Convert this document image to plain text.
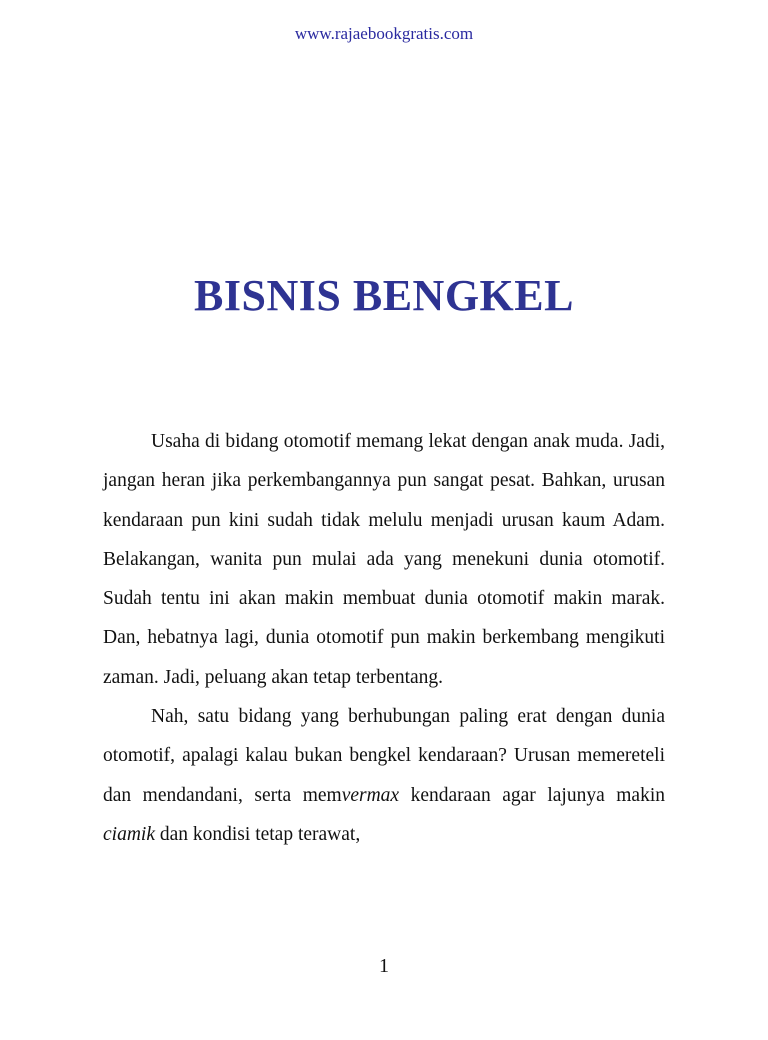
www.rajaebookgratis.com
BISNIS BENGKEL

Usaha di bidang otomotif memang lekat dengan anak muda. Jadi, jangan heran jika perkembangannya pun sangat pesat. Bahkan, urusan kendaraan pun kini sudah tidak melulu menjadi urusan kaum Adam. Belakangan, wanita pun mulai ada yang menekuni dunia otomotif. Sudah tentu ini akan makin membuat dunia otomotif makin marak. Dan, hebatnya lagi, dunia otomotif pun makin berkembang mengikuti zaman. Jadi, peluang akan tetap terbentang.

Nah, satu bidang yang berhubungan paling erat dengan dunia otomotif, apalagi kalau bukan bengkel kendaraan? Urusan memereteli dan mendandani, serta memvermax kendaraan agar lajunya makin ciamik dan kondisi tetap terawat,

1
